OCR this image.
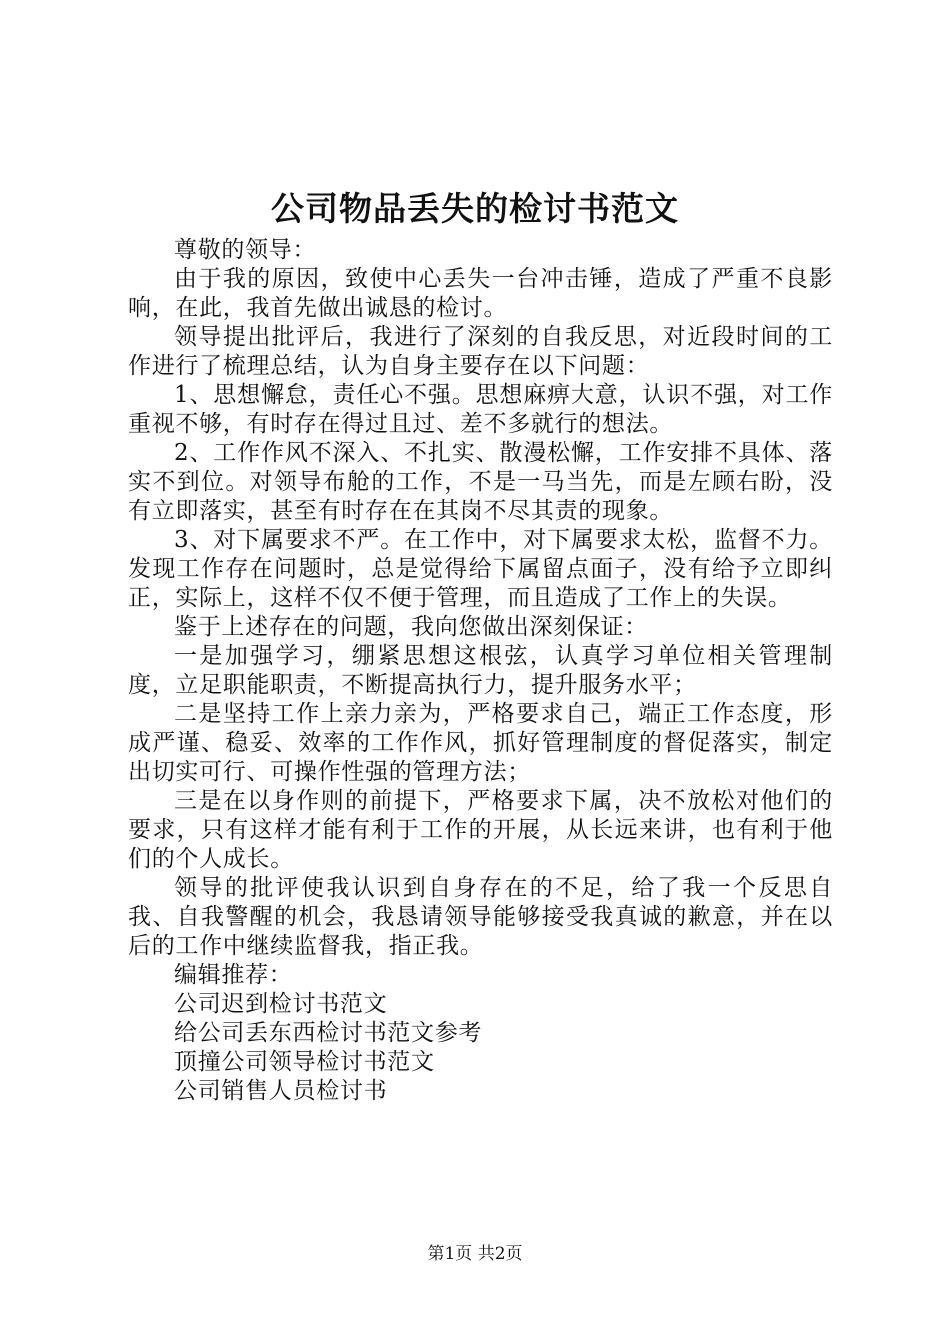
公司物品丢失的检讨书范文

尊敬的领导：

由于我的原因，致使中心丢失一台冲击锤，造成了严重不良影响，在此，我首先做出诚恳的检讨。

领导提出批评后，我进行了深刻的自我反思，对近段时间的工作进行了梳理总结，认为自身主要存在以下问题：

1、思想懈怠，责任心不强。思想麻痹大意，认识不强，对工作重视不够，有时存在得过且过、差不多就行的想法。

2、工作作风不深入、不扎实、散漫松懈，工作安排不具体、落实不到位。对领导布舱的工作，不是一马当先，而是左顾右盼，没有立即落实，甚至有时存在在其岗不尽其责的现象。

3、对下属要求不严。在工作中，对下属要求太松，监督不力。发现工作存在问题时，总是觉得给下属留点面子，没有给予立即纠正，实际上，这样不仅不便于管理，而且造成了工作上的失误。

鉴于上述存在的问题，我向您做出深刻保证：

一是加强学习，绷紧思想这根弦，认真学习单位相关管理制度，立足职能职责，不断提高执行力，提升服务水平；

二是坚持工作上亲力亲为，严格要求自己，端正工作态度，形成严谨、稳妥、效率的工作作风，抓好管理制度的督促落实，制定出切实可行、可操作性强的管理方法；

三是在以身作则的前提下，严格要求下属，决不放松对他们的要求，只有这样才能有利于工作的开展，从长远来讲，也有利于他们的个人成长。

领导的批评使我认识到自身存在的不足，给了我一个反思自我、自我警醒的机会，我恳请领导能够接受我真诚的歉意，并在以后的工作中继续监督我，指正我。

编辑推荐：

公司迟到检讨书范文
给公司丢东西检讨书范文参考
顶撞公司领导检讨书范文
公司销售人员检讨书
第1页 共2页
